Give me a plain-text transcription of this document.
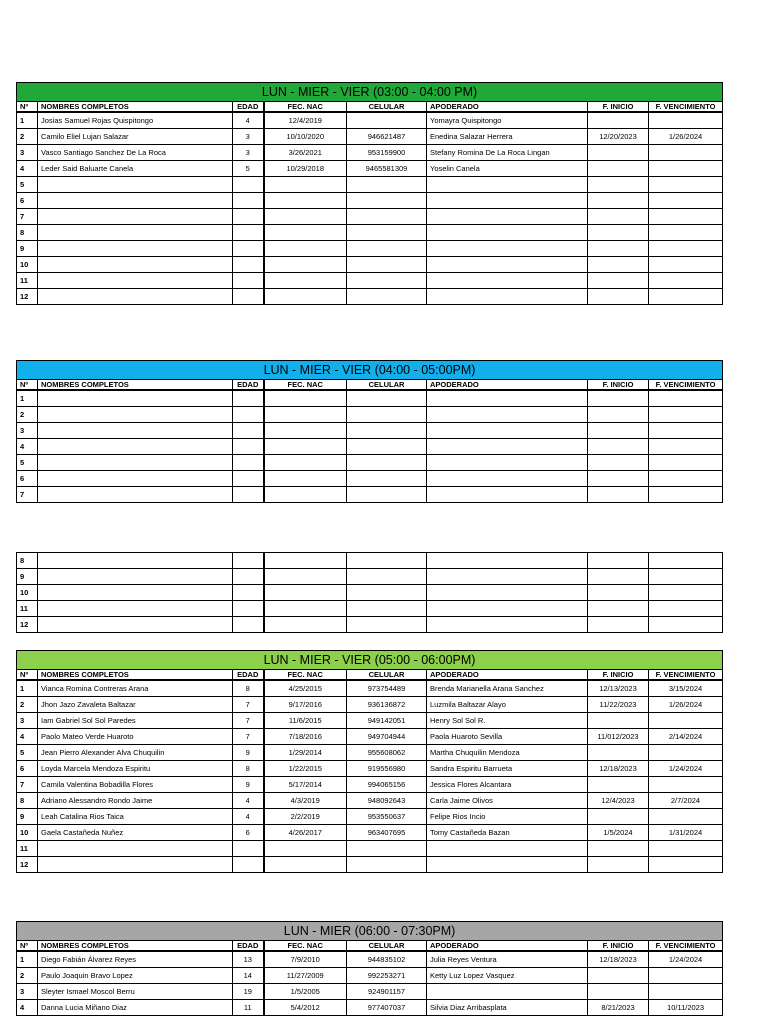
LUN - MIER - VIER (03:00 - 04:00 PM)							
Nº	NOMBRES COMPLETOS	EDAD	FEC. NAC	CELULAR	APODERADO	F. INICIO	F. VENCIMIENTO
1	Josias Samuel Rojas Quispitongo	4	12/4/2019		Yomayra Quispitongo		
2	Camilo Eliel Lujan Salazar	3	10/10/2020	946621487	Enedina Salazar Herrera	12/20/2023	1/26/2024
3	Vasco Santiago Sanchez De La Roca	3	3/26/2021	953159900	Stefany Romina De La Roca Lingan		
4	Leder Said Baluarte Canela	5	10/29/2018	9465581309	Yoselin Canela		
5							
6							
7							
8							
9							
10							
11							
12							
LUN - MIER - VIER (04:00 - 05:00PM)							
Nº	NOMBRES COMPLETOS	EDAD	FEC. NAC	CELULAR	APODERADO	F. INICIO	F. VENCIMIENTO
1							
2							
3							
4							
5							
6							
7							
8							
9							
10							
11							
12							
LUN - MIER - VIER (05:00 - 06:00PM)							
Nº	NOMBRES COMPLETOS	EDAD	FEC. NAC	CELULAR	APODERADO	F. INICIO	F. VENCIMIENTO
1	Vianca Romina Contreras Arana	8	4/25/2015	973754489	Brenda Marianella Arana Sanchez	12/13/2023	3/15/2024
2	Jhon Jazo Zavaleta Baltazar	7	9/17/2016	936136872	Luzmila Baltazar Alayo	11/22/2023	1/26/2024
3	Iam Gabriel Sol Sol Paredes	7	11/6/2015	949142051	Henry Sol Sol R.		
4	Paolo Mateo Verde Huaroto	7	7/18/2016	949704944	Paola Huaroto Sevilla	11/012/2023	2/14/2024
5	Jean Pierro Alexander Alva Chuquilin	9	1/29/2014	955608062	Martha Chuquilin Mendoza		
6	Loyda Marcela Mendoza Espiritu	8	1/22/2015	919556980	Sandra Espiritu Barrueta	12/18/2023	1/24/2024
7	Camila Valentina Bobadilla Flores	9	5/17/2014	994065156	Jessica Flores Alcantara		
8	Adriano Alessandro Rondo Jaime	4	4/3/2019	948092643	Carla Jaime Olivos	12/4/2023	2/7/2024
9	Leah Catalina Rios Taica	4	2/2/2019	953550637	Felipe Rios Incio		
10	Gaela Castañeda Nuñez	6	4/26/2017	963407695	Tomy Castañeda Bazan	1/5/2024	1/31/2024
11							
12							
LUN - MIER (06:00 - 07:30PM)							
Nº	NOMBRES COMPLETOS	EDAD	FEC. NAC	CELULAR	APODERADO	F. INICIO	F. VENCIMIENTO
1	Diego Fabián Álvarez Reyes	13	7/9/2010	944835102	Julia Reyes Ventura	12/18/2023	1/24/2024
2	Paulo Joaquin Bravo Lopez	14	11/27/2009	992253271	Ketty Luz Lopez Vasquez		
3	Sleyter Ismael Moscol Berru	19	1/5/2005	924901157			
4	Danna Lucia Miñano Diaz	11	5/4/2012	977407037	Silvia Diaz Arribasplata	8/21/2023	10/11/2023
